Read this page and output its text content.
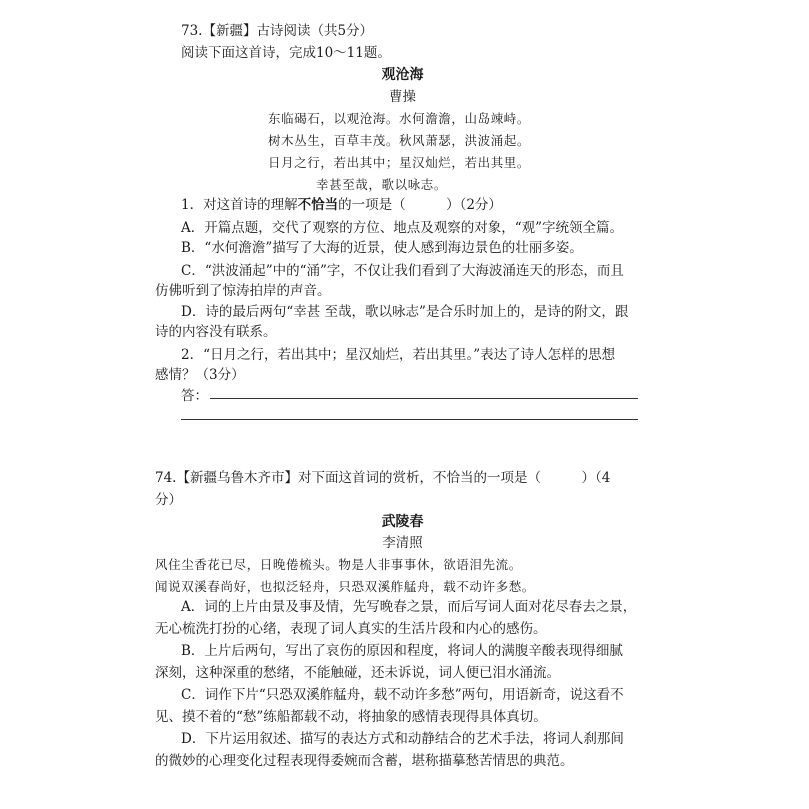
73.【新疆】古诗阅读（共5分）
阅读下面这首诗，完成10～11题。
观沧海
曹操
东临碣石，以观沧海。水何澹澹，山岛竦峙。
树木丛生，百草丰茂。秋风萧瑟，洪波涌起。
日月之行，若出其中；星汉灿烂，若出其里。
幸甚至哉，歌以咏志。
1．对这首诗的理解不恰当的一项是（　　　）（2分）
A．开篇点题，交代了观察的方位、地点及观察的对象，“观”字统领全篇。
B．“水何澹澹”描写了大海的近景，使人感到海边景色的壮丽多姿。
C．“洪波涌起”中的“涌”字，不仅让我们看到了大海波涌连天的形态，而且
仿佛听到了惊涛拍岸的声音。
D．诗的最后两句“幸甚 至哉，歌以咏志”是合乐时加上的，是诗的附文，跟
诗的内容没有联系。
2．“日月之行，若出其中；星汉灿烂，若出其里。”表达了诗人怎样的思想
感情？（3分）
答：
74.【新疆乌鲁木齐市】对下面这首词的赏析，不恰当的一项是（　　　）（4
分）
武陵春
李清照
风住尘香花已尽，日晚倦梳头。物是人非事事休，欲语泪先流。
闻说双溪春尚好，也拟泛轻舟，只恐双溪舴艋舟，载不动许多愁。
A．词的上片由景及事及情，先写晚春之景，而后写词人面对花尽春去之景，
无心梳洗打扮的心绪，表现了词人真实的生活片段和内心的感伤。
B．上片后两句，写出了哀伤的原因和程度，将词人的满腹辛酸表现得细腻
深刻，这种深重的愁绪，不能触碰，还未诉说，词人便已泪水涌流。
C．词作下片“只恐双溪舴艋舟，载不动许多愁”两句，用语新奇，说这看不
见、摸不着的“愁”练船都载不动，将抽象的感情表现得具体真切。
D．下片运用叙述、描写的表达方式和动静结合的艺术手法，将词人刹那间
的微妙的心理变化过程表现得委婉而含蓄，堪称描摹愁苦情思的典范。
